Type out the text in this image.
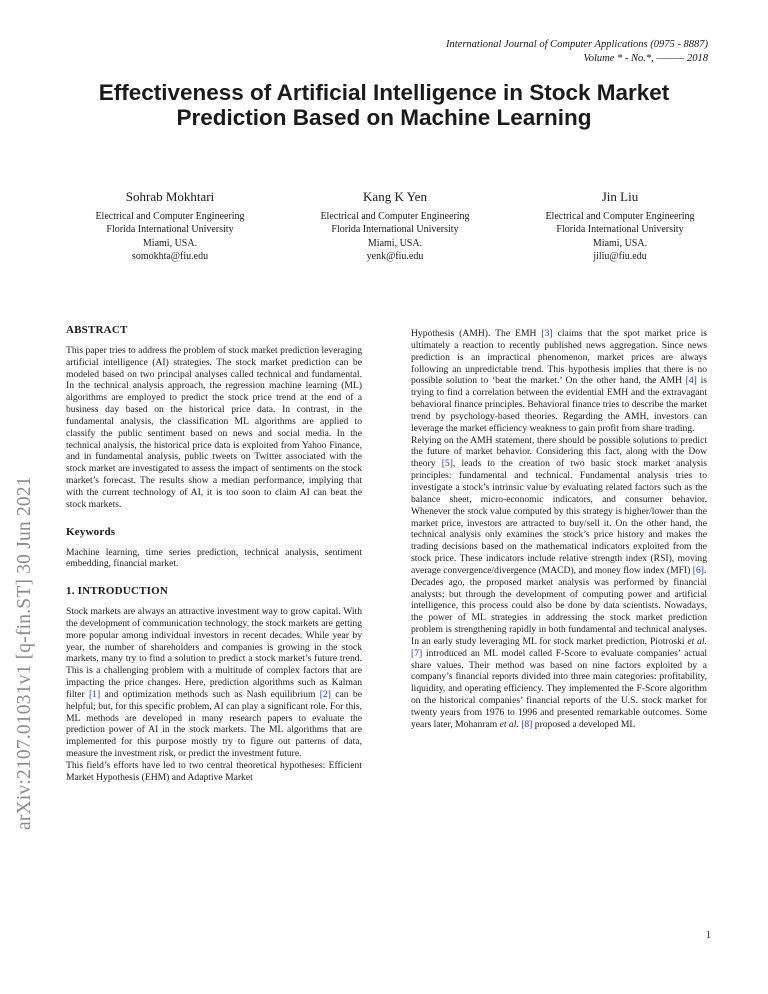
International Journal of Computer Applications (0975 - 8887)
Volume * - No.*, ——— 2018
Effectiveness of Artificial Intelligence in Stock Market Prediction Based on Machine Learning
Sohrab Mokhtari
Electrical and Computer Engineering
Florida International University
Miami, USA.
somokhta@fiu.edu
Kang K Yen
Electrical and Computer Engineering
Florida International University
Miami, USA.
yenk@fiu.edu
Jin Liu
Electrical and Computer Engineering
Florida International University
Miami, USA.
jiliu@fiu.edu
arXiv:2107.01031v1 [q-fin.ST] 30 Jun 2021
ABSTRACT

This paper tries to address the problem of stock market prediction leveraging artificial intelligence (AI) strategies. The stock market prediction can be modeled based on two principal analyses called technical and fundamental. In the technical analysis approach, the regression machine learning (ML) algorithms are employed to predict the stock price trend at the end of a business day based on the historical price data. In contrast, in the fundamental analysis, the classification ML algorithms are applied to classify the public sentiment based on news and social media. In the technical analysis, the historical price data is exploited from Yahoo Finance, and in fundamental analysis, public tweets on Twitter associated with the stock market are investigated to assess the impact of sentiments on the stock market’s forecast. The results show a median performance, implying that with the current technology of AI, it is too soon to claim AI can beat the stock markets.

Keywords

Machine learning, time series prediction, technical analysis, sentiment embedding, financial market.

1. INTRODUCTION

Stock markets are always an attractive investment way to grow capital. With the development of communication technology, the stock markets are getting more popular among individual investors in recent decades. While year by year, the number of shareholders and companies is growing in the stock markets, many try to find a solution to predict a stock market’s future trend. This is a challenging problem with a multitude of complex factors that are impacting the price changes. Here, prediction algorithms such as Kalman filter [1] and optimization methods such as Nash equilibrium [2] can be helpful; but, for this specific problem, AI can play a significant role. For this, ML methods are developed in many research papers to evaluate the prediction power of AI in the stock markets. The ML algorithms that are implemented for this purpose mostly try to figure out patterns of data, measure the investment risk, or predict the investment future.

This field’s efforts have led to two central theoretical hypotheses: Efficient Market Hypothesis (EHM) and Adaptive Market

Hypothesis (AMH). The EMH [3] claims that the spot market price is ultimately a reaction to recently published news aggregation. Since news prediction is an impractical phenomenon, market prices are always following an unpredictable trend. This hypothesis implies that there is no possible solution to ‘beat the market.’ On the other hand, the AMH [4] is trying to find a correlation between the evidential EMH and the extravagant behavioral finance principles. Behavioral finance tries to describe the market trend by psychology-based theories. Regarding the AMH, investors can leverage the market efficiency weakness to gain profit from share trading.

Relying on the AMH statement, there should be possible solutions to predict the future of market behavior. Considering this fact, along with the Dow theory [5], leads to the creation of two basic stock market analysis principles: fundamental and technical. Fundamental analysis tries to investigate a stock’s intrinsic value by evaluating related factors such as the balance sheet, micro-economic indicators, and consumer behavior. Whenever the stock value computed by this strategy is higher/lower than the market price, investors are attracted to buy/sell it. On the other hand, the technical analysis only examines the stock’s price history and makes the trading decisions based on the mathematical indicators exploited from the stock price. These indicators include relative strength index (RSI), moving average convergence/divergence (MACD), and money flow index (MFI) [6].

Decades ago, the proposed market analysis was performed by financial analysts; but through the development of computing power and artificial intelligence, this process could also be done by data scientists. Nowadays, the power of ML strategies in addressing the stock market prediction problem is strengthening rapidly in both fundamental and technical analyses. In an early study leveraging ML for stock market prediction, Piotroski et al. [7] introduced an ML model called F-Score to evaluate companies’ actual share values. Their method was based on nine factors exploited by a company’s financial reports divided into three main categories: profitability, liquidity, and operating efficiency. They implemented the F-Score algorithm on the historical companies’ financial reports of the U.S. stock market for twenty years from 1976 to 1996 and presented remarkable outcomes. Some years later, Mohanram et al. [8] proposed a developed ML

1
